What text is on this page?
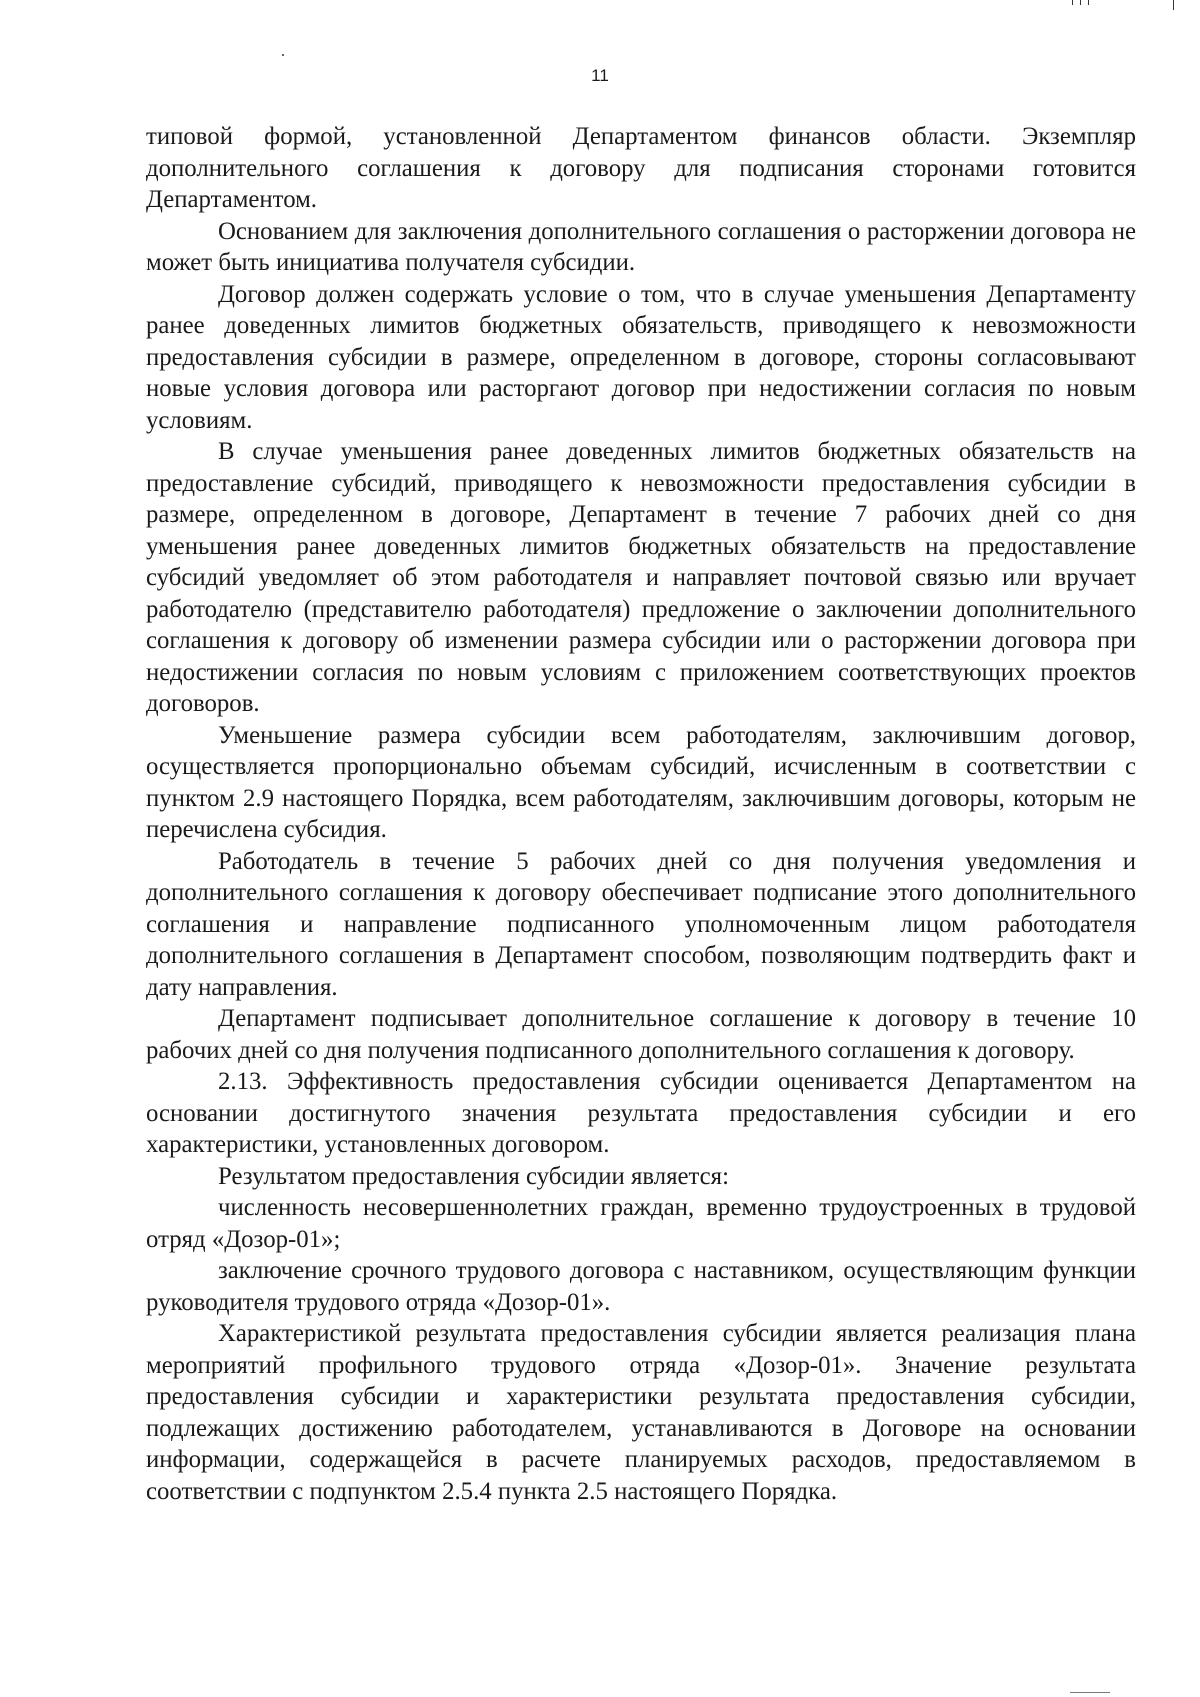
11

типовой формой, установленной Департаментом финансов области. Экземпляр дополнительного соглашения к договору для подписания сторонами готовится Департаментом.

Основанием для заключения дополнительного соглашения о расторжении договора не может быть инициатива получателя субсидии.

Договор должен содержать условие о том, что в случае уменьшения Департаменту ранее доведенных лимитов бюджетных обязательств, приводящего к невозможности предоставления субсидии в размере, определенном в договоре, стороны согласовывают новые условия договора или расторгают договор при недостижении согласия по новым условиям.

В случае уменьшения ранее доведенных лимитов бюджетных обязательств на предоставление субсидий, приводящего к невозможности предоставления субсидии в размере, определенном в договоре, Департамент в течение 7 рабочих дней со дня уменьшения ранее доведенных лимитов бюджетных обязательств на предоставление субсидий уведомляет об этом работодателя и направляет почтовой связью или вручает работодателю (представителю работодателя) предложение о заключении дополнительного соглашения к договору об изменении размера субсидии или о расторжении договора при недостижении согласия по новым условиям с приложением соответствующих проектов договоров.

Уменьшение размера субсидии всем работодателям, заключившим договор, осуществляется пропорционально объемам субсидий, исчисленным в соответствии с пунктом 2.9 настоящего Порядка, всем работодателям, заключившим договоры, которым не перечислена субсидия.

Работодатель в течение 5 рабочих дней со дня получения уведомления и дополнительного соглашения к договору обеспечивает подписание этого дополнительного соглашения и направление подписанного уполномоченным лицом работодателя дополнительного соглашения в Департамент способом, позволяющим подтвердить факт и дату направления.

Департамент подписывает дополнительное соглашение к договору в течение 10 рабочих дней со дня получения подписанного дополнительного соглашения к договору.

2.13. Эффективность предоставления субсидии оценивается Департаментом на основании достигнутого значения результата предоставления субсидии и его характеристики, установленных договором.

Результатом предоставления субсидии является:

численность несовершеннолетних граждан, временно трудоустроенных в трудовой отряд «Дозор-01»;

заключение срочного трудового договора с наставником, осуществляющим функции руководителя трудового отряда «Дозор-01».

Характеристикой результата предоставления субсидии является реализация плана мероприятий профильного трудового отряда «Дозор-01». Значение результата предоставления субсидии и характеристики результата предоставления субсидии, подлежащих достижению работодателем, устанавливаются в Договоре на основании информации, содержащейся в расчете планируемых расходов, предоставляемом в соответствии с подпунктом 2.5.4 пункта 2.5 настоящего Порядка.
